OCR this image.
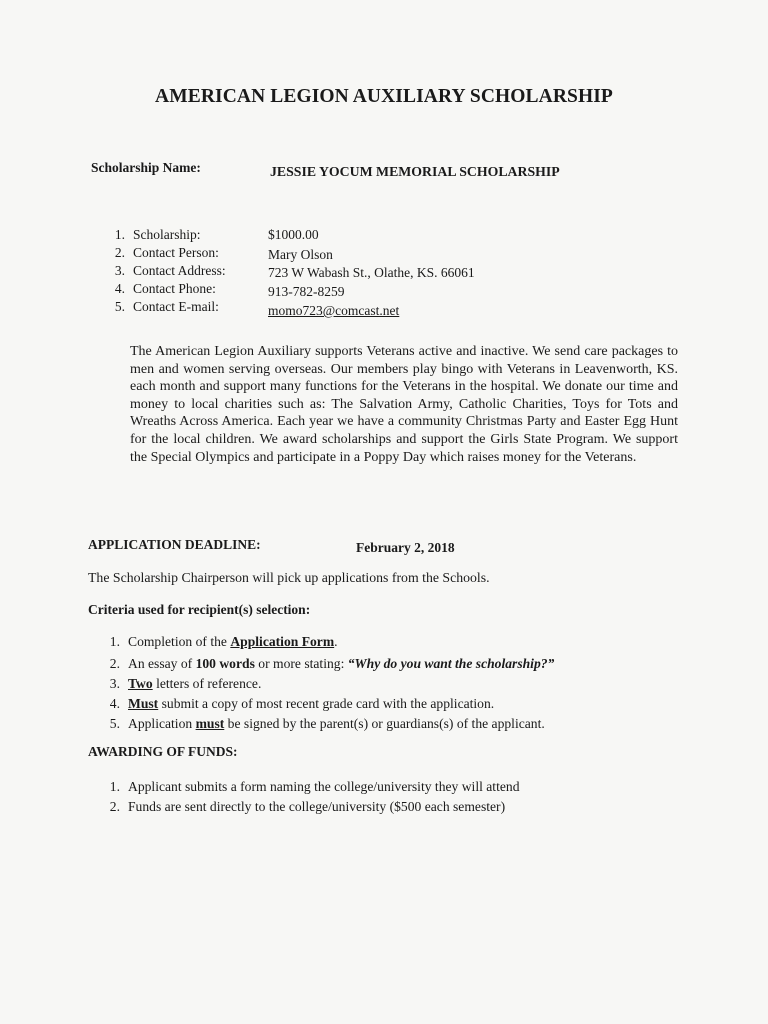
AMERICAN LEGION AUXILIARY SCHOLARSHIP
Scholarship Name:	JESSIE YOCUM MEMORIAL SCHOLARSHIP
1. Scholarship:	$1000.00
2. Contact Person:	Mary Olson
3. Contact Address:	723 W Wabash St., Olathe, KS. 66061
4. Contact Phone:	913-782-8259
5. Contact E-mail:	momo723@comcast.net
The American Legion Auxiliary supports Veterans active and inactive. We send care packages to men and women serving overseas. Our members play bingo with Veterans in Leavenworth, KS. each month and support many functions for the Veterans in the hospital. We donate our time and money to local charities such as: The Salvation Army, Catholic Charities, Toys for Tots and Wreaths Across America. Each year we have a community Christmas Party and Easter Egg Hunt for the local children. We award scholarships and support the Girls State Program. We support the Special Olympics and participate in a Poppy Day which raises money for the Veterans.
APPLICATION DEADLINE:	February 2, 2018
The Scholarship Chairperson will pick up applications from the Schools.
Criteria used for recipient(s) selection:
1. Completion of the Application Form.
2. An essay of 100 words or more stating: “Why do you want the scholarship?”
3. Two letters of reference.
4. Must submit a copy of most recent grade card with the application.
5. Application must be signed by the parent(s) or guardians(s) of the applicant.
AWARDING OF FUNDS:
1. Applicant submits a form naming the college/university they will attend
2. Funds are sent directly to the college/university ($500 each semester)
